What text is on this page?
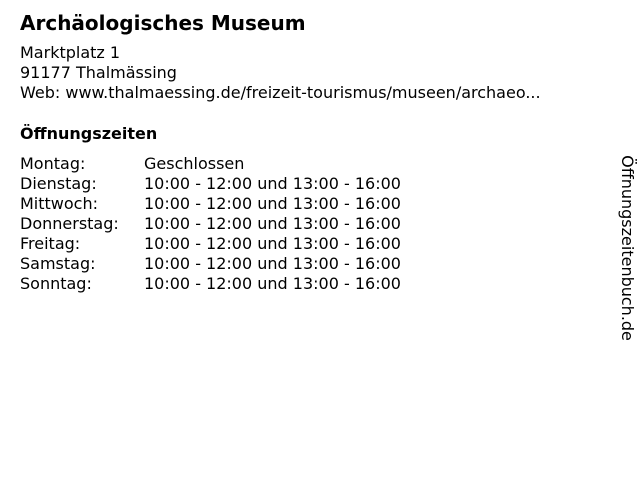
Archäologisches Museum
Marktplatz 1
91177 Thalmässing
Web: www.thalmaessing.de/freizeit-tourismus/museen/archaeo...
Öffnungszeiten
Montag:	Geschlossen
Dienstag:	10:00 - 12:00 und 13:00 - 16:00
Mittwoch:	10:00 - 12:00 und 13:00 - 16:00
Donnerstag:	10:00 - 12:00 und 13:00 - 16:00
Freitag:	10:00 - 12:00 und 13:00 - 16:00
Samstag:	10:00 - 12:00 und 13:00 - 16:00
Sonntag:	10:00 - 12:00 und 13:00 - 16:00	Öffnungszeitenbuch.de
